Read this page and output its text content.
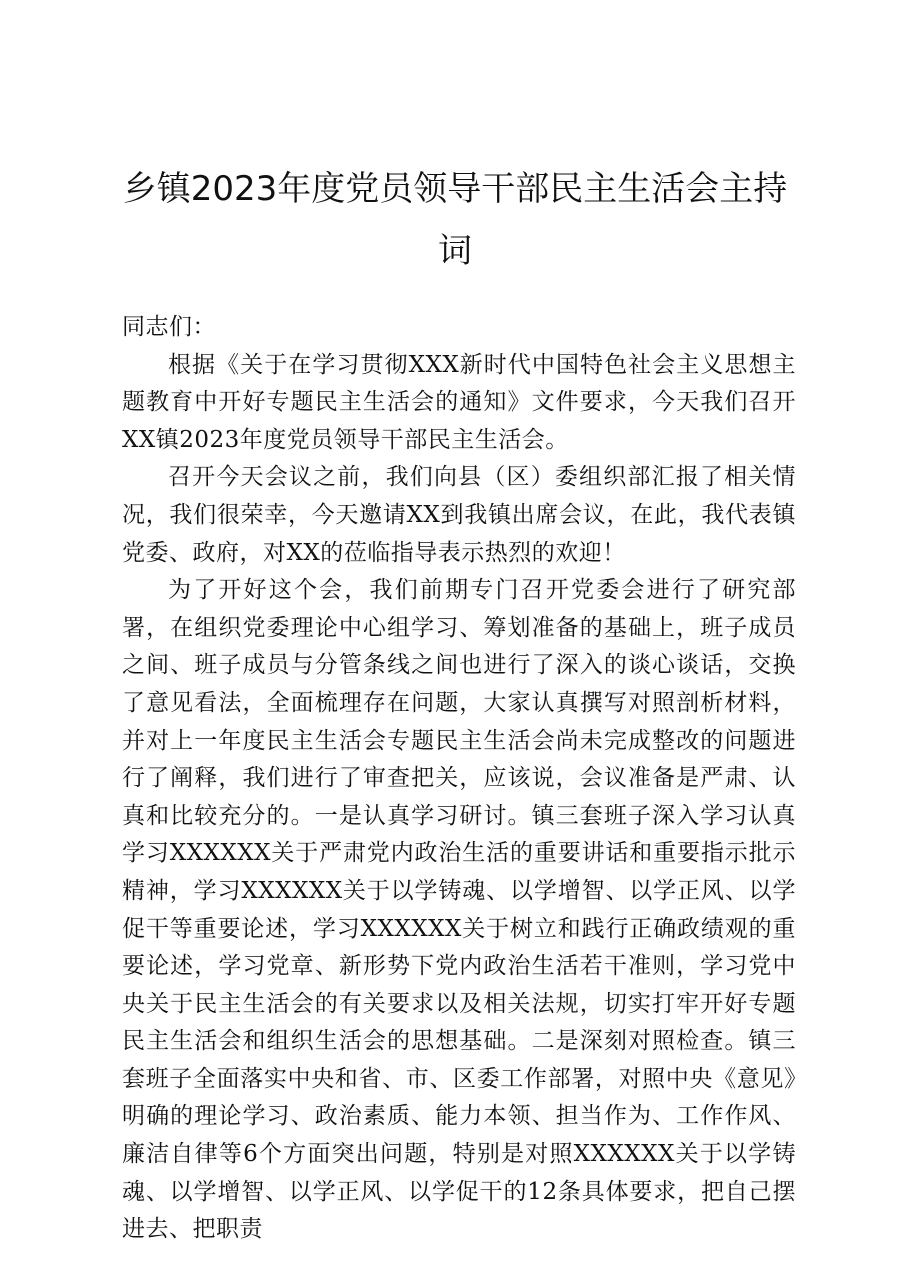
乡镇2023年度党员领导干部民主生活会主持词

同志们：

根据《关于在学习贯彻XXX新时代中国特色社会主义思想主题教育中开好专题民主生活会的通知》文件要求，今天我们召开XX镇2023年度党员领导干部民主生活会。

召开今天会议之前，我们向县（区）委组织部汇报了相关情况，我们很荣幸，今天邀请XX到我镇出席会议，在此，我代表镇党委、政府，对XX的莅临指导表示热烈的欢迎！

为了开好这个会，我们前期专门召开党委会进行了研究部署，在组织党委理论中心组学习、筹划准备的基础上，班子成员之间、班子成员与分管条线之间也进行了深入的谈心谈话，交换了意见看法，全面梳理存在问题，大家认真撰写对照剖析材料，并对上一年度民主生活会专题民主生活会尚未完成整改的问题进行了阐释，我们进行了审查把关，应该说，会议准备是严肃、认真和比较充分的。一是认真学习研讨。镇三套班子深入学习认真学习XXXXXX关于严肃党内政治生活的重要讲话和重要指示批示精神，学习XXXXXX关于以学铸魂、以学增智、以学正风、以学促干等重要论述，学习XXXXXX关于树立和践行正确政绩观的重要论述，学习党章、新形势下党内政治生活若干准则，学习党中央关于民主生活会的有关要求以及相关法规，切实打牢开好专题民主生活会和组织生活会的思想基础。二是深刻对照检查。镇三套班子全面落实中央和省、市、区委工作部署，对照中央《意见》明确的理论学习、政治素质、能力本领、担当作为、工作作风、廉洁自律等6个方面突出问题，特别是对照XXXXXX关于以学铸魂、以学增智、以学正风、以学促干的12条具体要求，把自己摆进去、把职责
